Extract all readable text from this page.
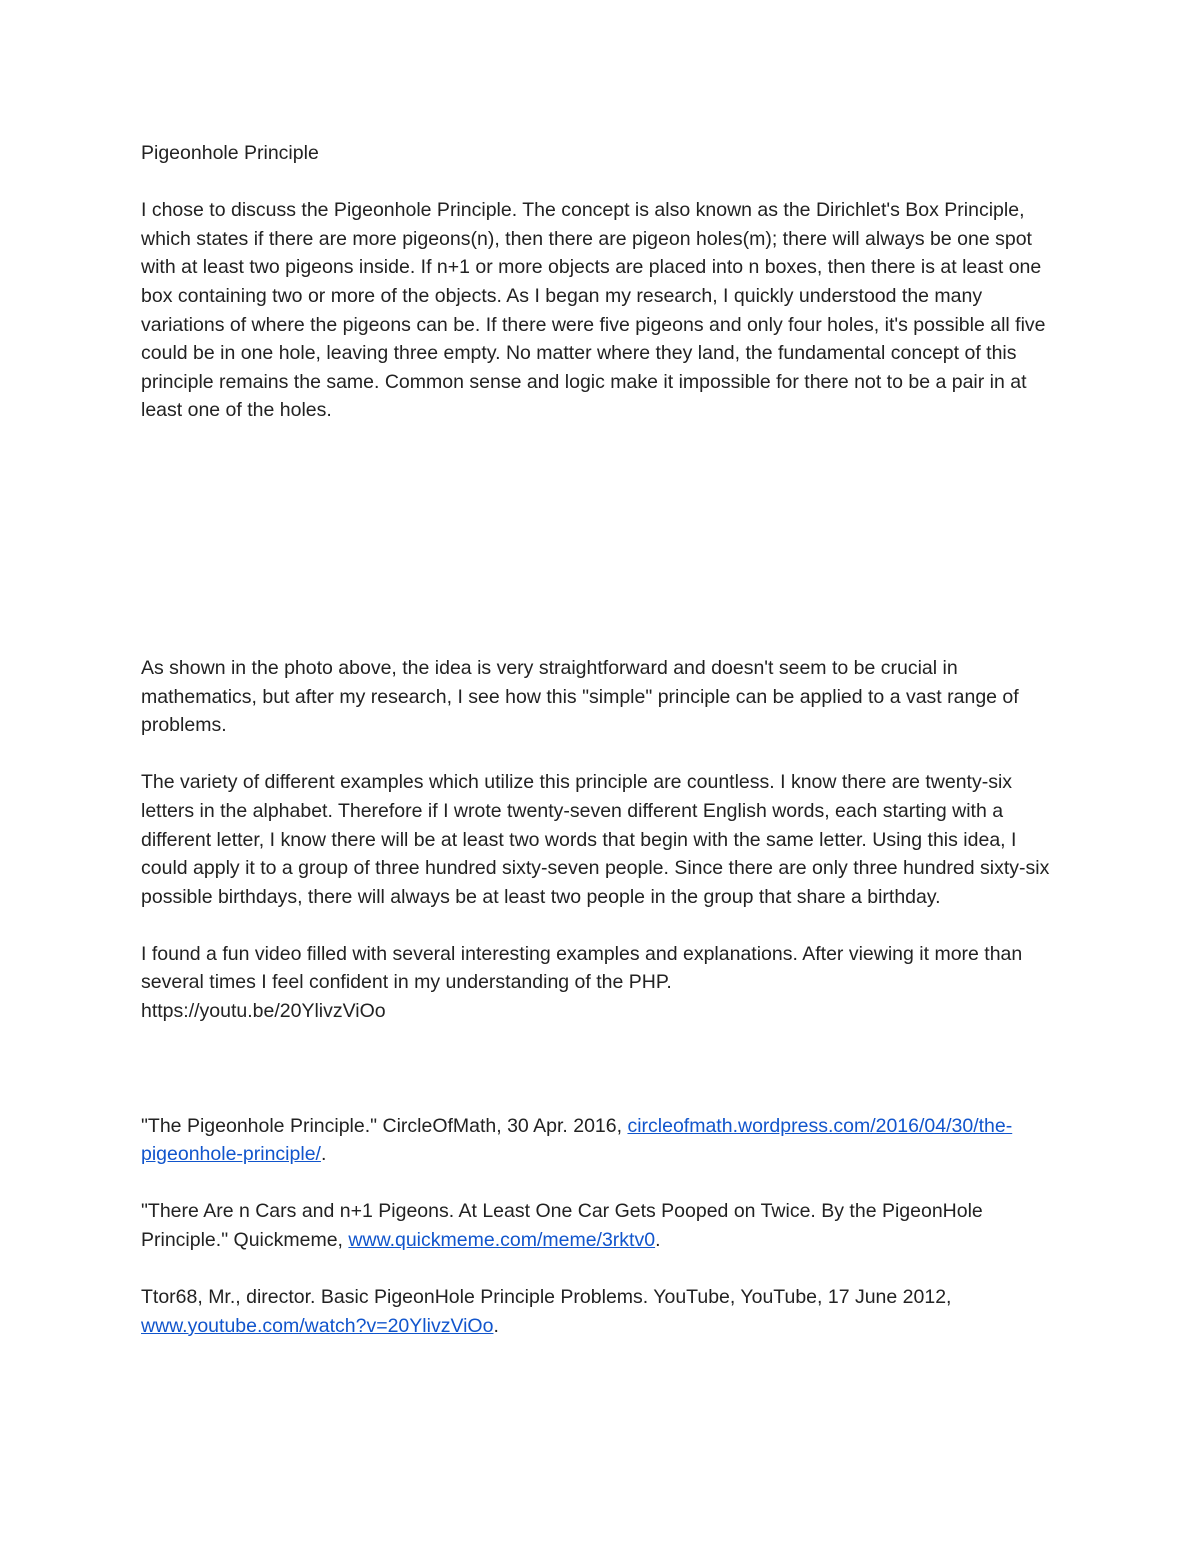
Pigeonhole Principle

I chose to discuss the Pigeonhole Principle. The concept is also known as the Dirichlet's Box Principle, which states if there are more pigeons(n), then there are pigeon holes(m); there will always be one spot with at least two pigeons inside. If n+1 or more objects are placed into n boxes, then there is at least one box containing two or more of the objects. As I began my research, I quickly understood the many variations of where the pigeons can be. If there were five pigeons and only four holes, it's possible all five could be in one hole, leaving three empty. No matter where they land, the fundamental concept of this principle remains the same. Common sense and logic make it impossible for there not to be a pair in at least one of the holes.

As shown in the photo above, the idea is very straightforward and doesn't seem to be crucial in mathematics, but after my research, I see how this "simple" principle can be applied to a vast range of problems.

The variety of different examples which utilize this principle are countless. I know there are twenty-six letters in the alphabet. Therefore if I wrote twenty-seven different English words, each starting with a different letter, I know there will be at least two words that begin with the same letter. Using this idea, I could apply it to a group of three hundred sixty-seven people. Since there are only three hundred sixty-six possible birthdays, there will always be at least two people in the group that share a birthday.

I found a fun video filled with several interesting examples and explanations. After viewing it more than several times I feel confident in my understanding of the PHP.

https://youtu.be/20YlivzViOo

"The Pigeonhole Principle." CircleOfMath, 30 Apr. 2016, circleofmath.wordpress.com/2016/04/30/the-pigeonhole-principle/.

"There Are n Cars and n+1 Pigeons. At Least One Car Gets Pooped on Twice. By the PigeonHole Principle." Quickmeme, www.quickmeme.com/meme/3rktv0.

Ttor68, Mr., director. Basic PigeonHole Principle Problems. YouTube, YouTube, 17 June 2012, www.youtube.com/watch?v=20YlivzViOo.
